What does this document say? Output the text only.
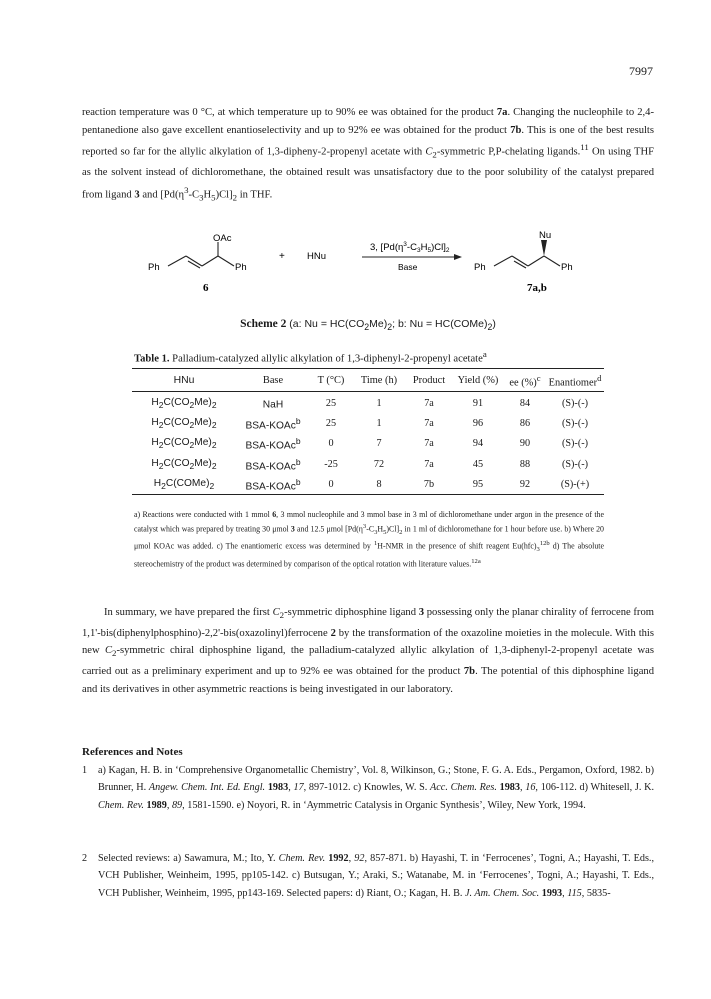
7997

reaction temperature was 0 °C, at which temperature up to 90% ee was obtained for the product 7a. Changing the nucleophile to 2,4-pentanedione also gave excellent enantioselectivity and up to 92% ee was obtained for the product 7b. This is one of the best results reported so far for the allylic alkylation of 1,3-dipheny-2-propenyl acetate with $C_2$-symmetric P,P-chelating ligands.$^{11}$ On using THF as the solvent instead of dichloromethane, the obtained result was unsatisfactory due to the poor solubility of the catalyst prepared from ligand 3 and $[Pd(\eta^3-C_3H_5)Cl]_2$ in THF.

OAc
Ph	Ph
6
+ HNu
3, $[Pd(\eta^3-C_3H_5)Cl]_2$
Base
Nu
Ph	Ph
7a,b
Scheme 2 (a: $Nu = HC(CO_2Me)_2$; b: $Nu = HC(COMe)_2$)
Table 1. Palladium-catalyzed allylic alkylation of 1,3-diphenyl-2-propenyl acetate$^a$
HNu	Base	T (°C)	Time (h)	Product	Yield (%)	ee (%)$^c$	Enantiomer$^d$
$H_2C(CO_2Me)_2$	NaH	25	1	7a	91	84	(S)-(-)
$H_2C(CO_2Me)_2$	BSA-KOAc$^b$	25	1	7a	96	86	(S)-(-)
$H_2C(CO_2Me)_2$	BSA-KOAc$^b$	0	7	7a	94	90	(S)-(-)
$H_2C(CO_2Me)_2$	BSA-KOAc$^b$	-25	72	7a	45	88	(S)-(-)
$H_2C(COMe)_2$	BSA-KOAc$^b$	0	8	7b	95	92	(S)-(+)

a) Reactions were conducted with 1 mmol 6, 3 mmol nucleophile and 3 mmol base in 3 ml of dichloromethane under argon in the presence of the catalyst which was prepared by treating 30 μmol 3 and 12.5 μmol $[Pd(\eta^3-C_3H_5)Cl]_2$ in 1 ml of dichloromethane for 1 hour before use. b) Where 20 μmol KOAc was added. c) The enantiomeric excess was determined by $^1$H-NMR in the presence of shift reagent $Eu(hfc)_3^{12b}$ d) The absolute stereochemistry of the product was determined by comparison of the optical rotation with literature values.$^{12a}$

In summary, we have prepared the first $C_2$-symmetric diphosphine ligand 3 possessing only the planar chirality of ferrocene from 1,1'-bis(diphenylphosphino)-2,2'-bis(oxazolinyl)ferrocene 2 by the transformation of the oxazoline moieties in the molecule. With this new $C_2$-symmetric chiral diphosphine ligand, the palladium-catalyzed allylic alkylation of 1,3-diphenyl-2-propenyl acetate was carried out as a preliminary experiment and up to 92% ee was obtained for the product 7b. The potential of this diphosphine ligand and its derivatives in other asymmetric reactions is being investigated in our laboratory.

References and Notes
1 a) Kagan, H. B. in ‘Comprehensive Organometallic Chemistry’, Vol. 8, Wilkinson, G.; Stone, F. G. A. Eds., Pergamon, Oxford, 1982. b) Brunner, H. Angew. Chem. Int. Ed. Engl. 1983, 17, 897-1012. c) Knowles, W. S. Acc. Chem. Res. 1983, 16, 106-112. d) Whitesell, J. K. Chem. Rev. 1989, 89, 1581-1590. e) Noyori, R. in ‘Aymmetric Catalysis in Organic Synthesis’, Wiley, New York, 1994.
2 Selected reviews: a) Sawamura, M.; Ito, Y. Chem. Rev. 1992, 92, 857-871. b) Hayashi, T. in ‘Ferrocenes’, Togni, A.; Hayashi, T. Eds., VCH Publisher, Weinheim, 1995, pp105-142. c) Butsugan, Y.; Araki, S.; Watanabe, M. in ‘Ferrocenes’, Togni, A.; Hayashi, T. Eds., VCH Publisher, Weinheim, 1995, pp143-169. Selected papers: d) Riant, O.; Kagan, H. B. J. Am. Chem. Soc. 1993, 115, 5835-
